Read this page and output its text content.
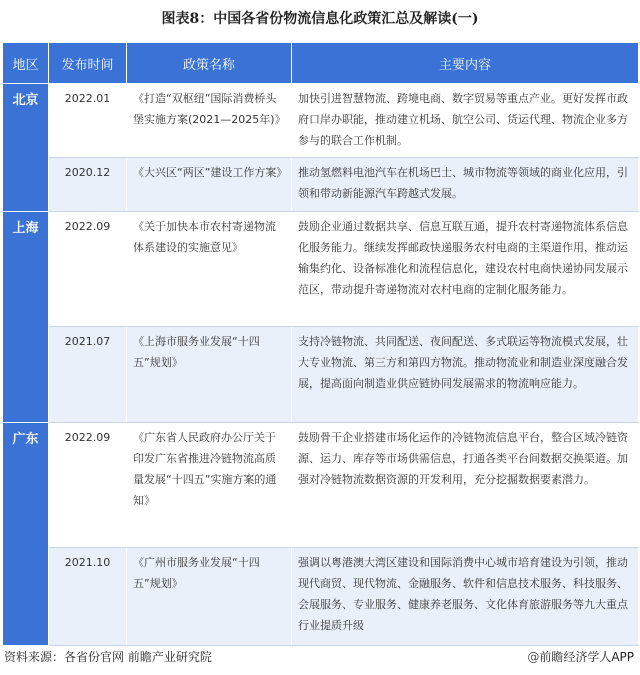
图表8：中国各省份物流信息化政策汇总及解读(一)
地区	发布时间	政策名称	主要内容
北京	2022.01	《打造“双枢纽”国际消费桥头堡实施方案(2021—2025年)》	加快引进智慧物流、跨境电商、数字贸易等重点产业。更好发挥市政府口岸办职能，推动建立机场、航空公司、货运代理、物流企业多方参与的联合工作机制。
	2020.12	《大兴区“两区”建设工作方案》	推动氢燃料电池汽车在机场巴士、城市物流等领域的商业化应用，引领和带动新能源汽车跨越式发展。
上海	2022.09	《关于加快本市农村寄递物流体系建设的实施意见》	鼓励企业通过数据共享、信息互联互通，提升农村寄递物流体系信息化服务能力。继续发挥邮政快递服务农村电商的主渠道作用，推动运输集约化、设备标准化和流程信息化，建设农村电商快递协同发展示范区，带动提升寄递物流对农村电商的定制化服务能力。
	2021.07	《上海市服务业发展“十四五”规划》	支持冷链物流、共同配送、夜间配送、多式联运等物流模式发展，壮大专业物流、第三方和第四方物流。推动物流业和制造业深度融合发展，提高面向制造业供应链协同发展需求的物流响应能力。
广东	2022.09	《广东省人民政府办公厅关于印发广东省推进冷链物流高质量发展“十四五”实施方案的通知》	鼓励骨干企业搭建市场化运作的冷链物流信息平台，整合区域冷链资源、运力、库存等市场供需信息，打通各类平台间数据交换渠道。加强对冷链物流数据资源的开发利用，充分挖掘数据要素潜力。
	2021.10	《广州市服务业发展“十四五”规划》	强调以粤港澳大湾区建设和国际消费中心城市培育建设为引领，推动现代商贸、现代物流、金融服务、软件和信息技术服务、科技服务、会展服务、专业服务、健康养老服务、文化体育旅游服务等九大重点行业提质升级
资料来源：各省份官网 前瞻产业研究院	@前瞻经济学人APP
